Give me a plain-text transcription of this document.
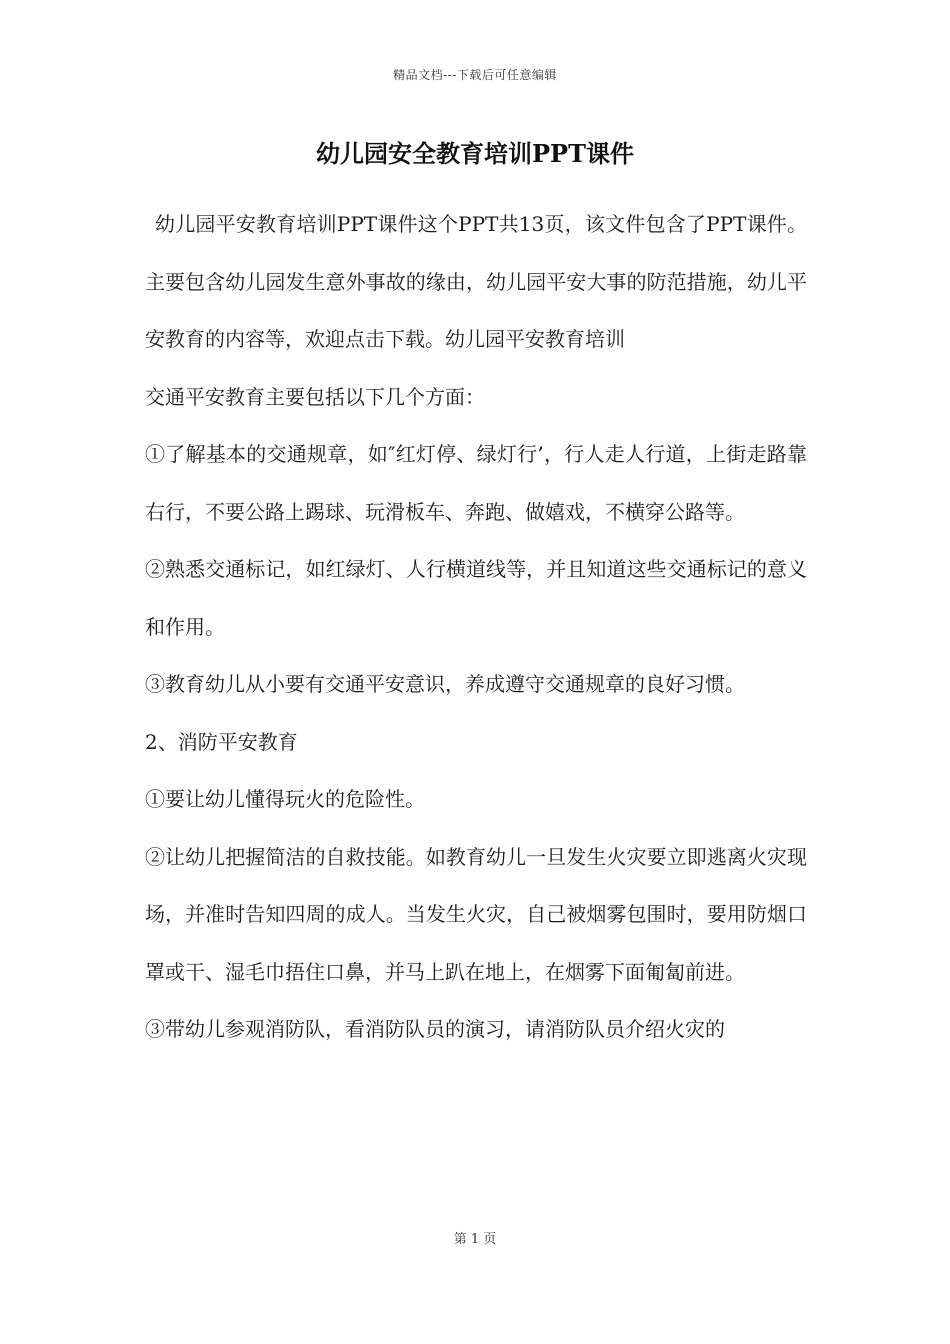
精品文档---下载后可任意编辑
幼儿园安全教育培训PPT课件

幼儿园平安教育培训PPT课件这个PPT共13页，该文件包含了PPT课件。主要包含幼儿园发生意外事故的缘由，幼儿园平安大事的防范措施，幼儿平安教育的内容等，欢迎点击下载。幼儿园平安教育培训

交通平安教育主要包括以下几个方面：

①了解基本的交通规章，如″红灯停、绿灯行’，行人走人行道，上街走路靠右行，不要公路上踢球、玩滑板车、奔跑、做嬉戏，不横穿公路等。

②熟悉交通标记，如红绿灯、人行横道线等，并且知道这些交通标记的意义和作用。

③教育幼儿从小要有交通平安意识，养成遵守交通规章的良好习惯。

2、消防平安教育

①要让幼儿懂得玩火的危险性。

②让幼儿把握简洁的自救技能。如教育幼儿一旦发生火灾要立即逃离火灾现场，并准时告知四周的成人。当发生火灾，自己被烟雾包围时，要用防烟口罩或干、湿毛巾捂住口鼻，并马上趴在地上，在烟雾下面匍匐前进。

③带幼儿参观消防队，看消防队员的演习，请消防队员介绍火灾的

第 1 页
